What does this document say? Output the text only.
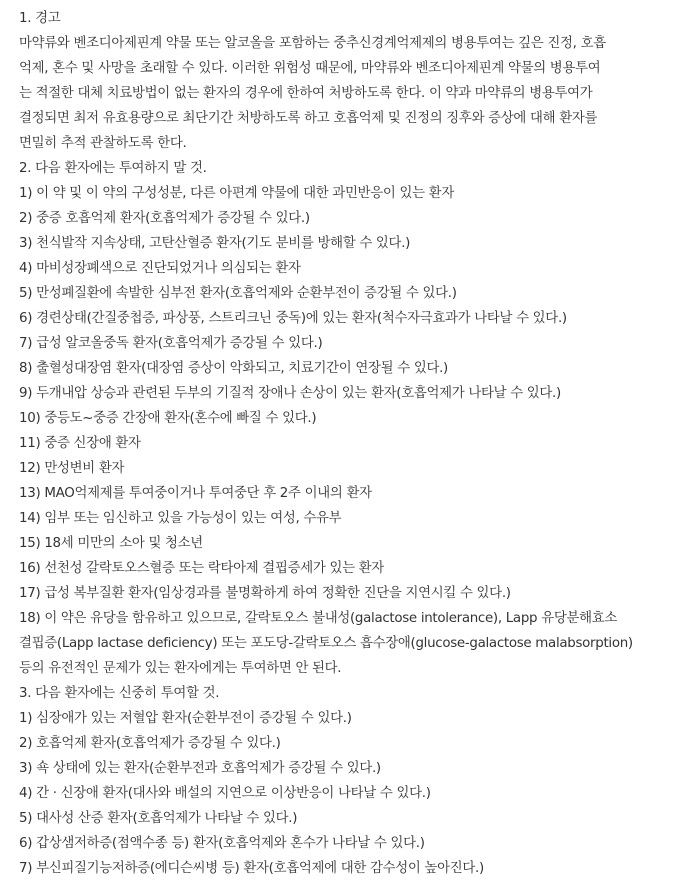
1. 경고
마약류와 벤조디아제핀계 약물 또는 알코올을 포함하는 중추신경계억제제의 병용투여는 깊은 진정, 호흡
억제, 혼수 및 사망을 초래할 수 있다. 이러한 위험성 때문에, 마약류와 벤조디아제핀계 약물의 병용투여
는 적절한 대체 치료방법이 없는 환자의 경우에 한하여 처방하도록 한다. 이 약과 마약류의 병용투여가
결정되면 최저 유효용량으로 최단기간 처방하도록 하고 호흡억제 및 진정의 징후와 증상에 대해 환자를
면밀히 추적 관찰하도록 한다.
2. 다음 환자에는 투여하지 말 것.
1) 이 약 및 이 약의 구성성분, 다른 아편계 약물에 대한 과민반응이 있는 환자
2) 중증 호흡억제 환자(호흡억제가 증강될 수 있다.)
3) 천식발작 지속상태, 고탄산혈증 환자(기도 분비를 방해할 수 있다.)
4) 마비성장폐색으로 진단되었거나 의심되는 환자
5) 만성폐질환에 속발한 심부전 환자(호흡억제와 순환부전이 증강될 수 있다.)
6) 경련상태(간질중첩증, 파상풍, 스트리크닌 중독)에 있는 환자(척수자극효과가 나타날 수 있다.)
7) 급성 알코올중독 환자(호흡억제가 증강될 수 있다.)
8) 출혈성대장염 환자(대장염 증상이 악화되고, 치료기간이 연장될 수 있다.)
9) 두개내압 상승과 관련된 두부의 기질적 장애나 손상이 있는 환자(호흡억제가 나타날 수 있다.)
10) 중등도~중증 간장애 환자(혼수에 빠질 수 있다.)
11) 중증 신장애 환자
12) 만성변비 환자
13) MAO억제제를 투여중이거나 투여중단 후 2주 이내의 환자
14) 임부 또는 임신하고 있을 가능성이 있는 여성, 수유부
15) 18세 미만의 소아 및 청소년
16) 선천성 갈락토오스혈증 또는 락타아제 결핍증세가 있는 환자
17) 급성 복부질환 환자(임상경과를 불명확하게 하여 정확한 진단을 지연시킬 수 있다.)
18) 이 약은 유당을 함유하고 있으므로, 갈락토오스 불내성(galactose intolerance), Lapp 유당분해효소
결핍증(Lapp lactase deficiency) 또는 포도당-갈락토오스 흡수장애(glucose-galactose malabsorption)
등의 유전적인 문제가 있는 환자에게는 투여하면 안 된다.
3. 다음 환자에는 신중히 투여할 것.
1) 심장애가 있는 저혈압 환자(순환부전이 증강될 수 있다.)
2) 호흡억제 환자(호흡억제가 증강될 수 있다.)
3) 쇽 상태에 있는 환자(순환부전과 호흡억제가 증강될 수 있다.)
4) 간 · 신장애 환자(대사와 배설의 지연으로 이상반응이 나타날 수 있다.)
5) 대사성 산증 환자(호흡억제가 나타날 수 있다.)
6) 갑상샘저하증(점액수종 등) 환자(호흡억제와 혼수가 나타날 수 있다.)
7) 부신피질기능저하증(에디슨씨병 등) 환자(호흡억제에 대한 감수성이 높아진다.)
